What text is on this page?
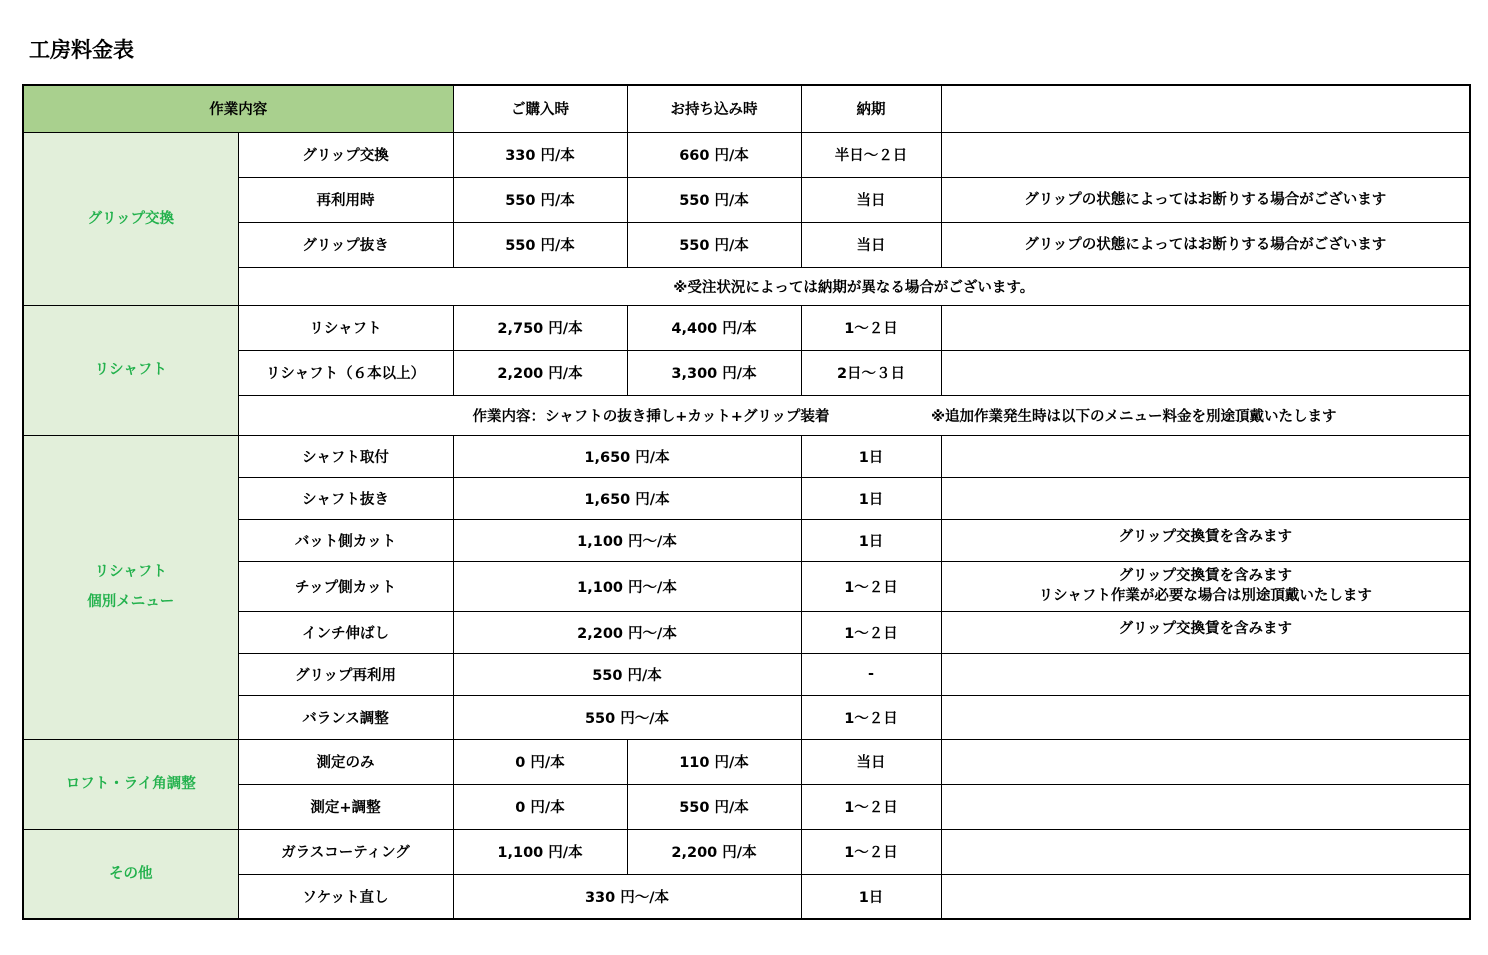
工房料金表
作業内容		ご購入時	お持ち込み時	納期	
グリップ交換	グリップ交換	330 円/本	660 円/本	半日～２日	
	再利用時	550 円/本	550 円/本	当日	グリップの状態によってはお断りする場合がございます
	グリップ抜き	550 円/本	550 円/本	当日	グリップの状態によってはお断りする場合がございます
	※受注状況によっては納期が異なる場合がございます。				
リシャフト	リシャフト	2,750 円/本	4,400 円/本	1～２日	
	リシャフト（６本以上）	2,200 円/本	3,300 円/本	2日～３日	
	作業内容：シャフトの抜き挿し+カット+グリップ装着 ※追加作業発生時は以下のメニュー料金を別途頂戴いたします				

リシャフト
個別メニュー	シャフト取付	1,650 円/本		1日	
	シャフト抜き	1,650 円/本		1日	
	バット側カット	1,100 円～/本		1日	グリップ交換賃を含みます
	チップ側カット	1,100 円～/本		1～２日	グリップ交換賃を含みます
リシャフト作業が必要な場合は別途頂戴いたします

	インチ伸ばし	2,200 円～/本		1～２日	グリップ交換賃を含みます
	グリップ再利用	550 円/本		-	
	バランス調整	550 円～/本		1～２日	
ロフト・ライ角調整	測定のみ	0 円/本	110 円/本	当日	
	測定+調整	0 円/本	550 円/本	1～２日	
その他	ガラスコーティング	1,100 円/本	2,200 円/本	1～２日	
	ソケット直し	330 円～/本		1日	
